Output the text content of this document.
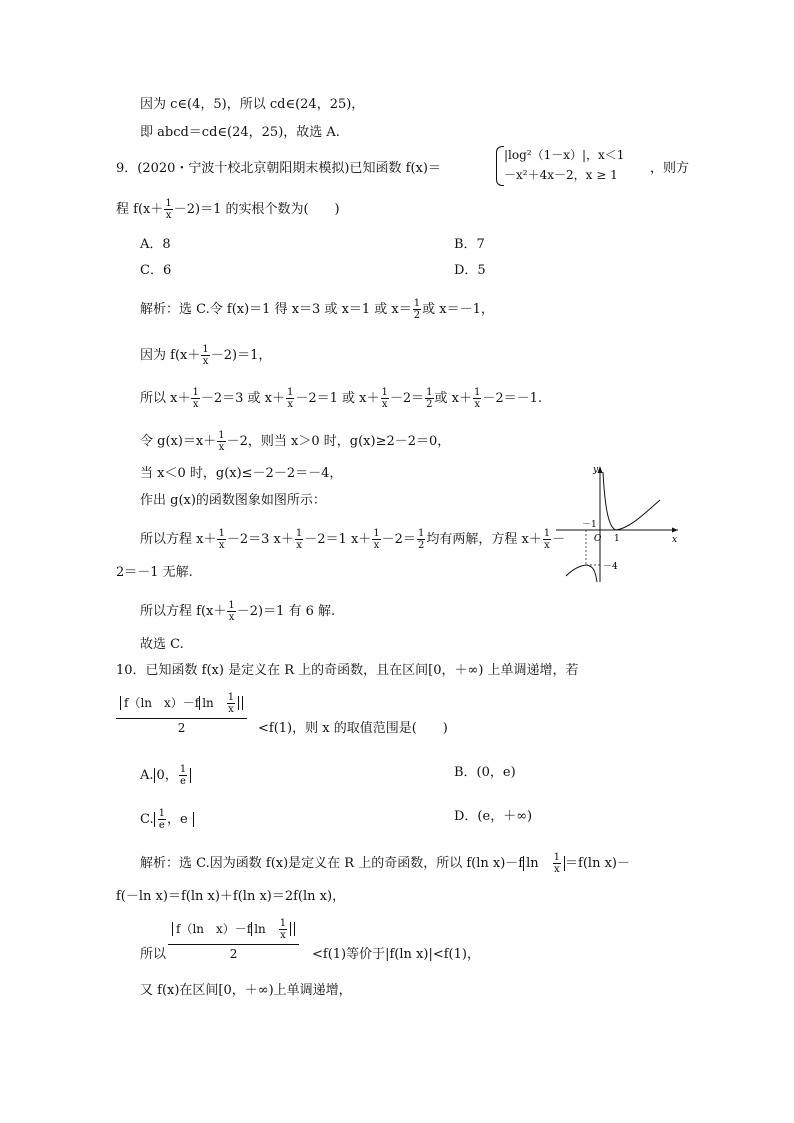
因为 c∈(4，5)，所以 cd∈(24，25)，
即 abcd＝cd∈(24，25)，故选 A.
9．(2020・宁波十校北京朝阳期末模拟)已知函数 f(x)＝
|log²（1－x）|，x＜1
－x²＋4x－2，x ≥ 1 ，则方
程 $f(x+ \frac{1}{x} -2)=1$ 的实根个数为(　　)
A．8	B．7
C．6	D．5
解析：选 C.令 f(x)＝1 得 x＝3 或 x＝1 或 $x= \frac{1}{2}$ 或 x＝－1，
因为 $f(x+ \frac{1}{x} -2)=1$，
所以 $x+ \frac{1}{x} -2=3$ 或 $x+ \frac{1}{x} -2=1$ 或 $x+ \frac{1}{x} -2= \frac{1}{2}$ 或 $x+ \frac{1}{x} -2=-1$.
令 $g(x)=x+ \frac{1}{x} -2$，则当 x＞0 时，g(x)≥2－2＝0，
当 x＜0 时，g(x)≤－2－2＝－4，
作出 g(x)的函数图象如图所示：
所以方程 $x+ \frac{1}{x} -2=3$ $x+ \frac{1}{x} -2=1$ $x+ \frac{1}{x} -2= \frac{1}{2}$ 均有两解，方程 $x+ \frac{1}{x}$ －
2＝－1 无解.
所以方程 $f(x+ \frac{1}{x} -2)=1$ 有 6 解.
故选 C.
y
x
O
－1
1
－4
10．已知函数 f(x) 是定义在 R 上的奇函数，且在区间[0，＋∞) 上单调递增，若
$\frac{f(\ln x)-f \ln \frac{1}{x}}{2} <f(1)$，则 x 的取值范围是(　　)
A. 0， $\frac{1}{e}$	B．(0，e)
C. $\frac{1}{e}$ ，e	D．(e，＋∞)
解析：选 C.因为函数 f(x)是定义在 R 上的奇函数，所以 f(ln x)－f ln　 $\frac{1}{x} =f(\ln$ x)－
f(－ln x)＝f(ln x)＋f(ln x)＝2f(ln x)，
所以 $\frac{f(\ln x)-f \ln \frac{1}{x}}{2} <f(1)$等价于|f(ln x)|<f(1)，
又 f(x)在区间[0，＋∞)上单调递增，
